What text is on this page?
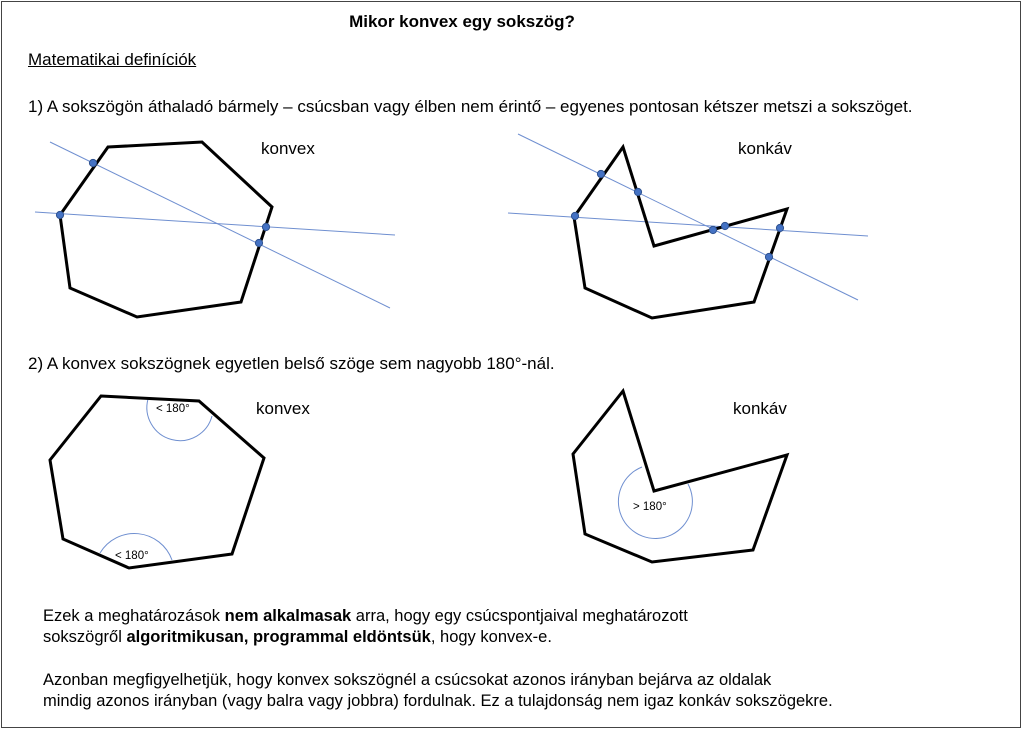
Mikor konvex egy sokszög?
Matematikai definíciók
1) A sokszögön áthaladó bármely – csúcsban vagy élben nem érintő – egyenes pontosan kétszer metszi a sokszöget.
2) A konvex sokszögnek egyetlen belső szöge sem nagyobb 180°-nál.
konvex	konkáv
konvex	konkáv
< 180°
< 180°
> 180°
Ezek a meghatározások nem alkalmasak arra, hogy egy csúcspontjaival meghatározott
sokszögről algoritmikusan, programmal eldöntsük, hogy konvex-e.
Azonban megfigyelhetjük, hogy konvex sokszögnél a csúcsokat azonos irányban bejárva az oldalak
mindig azonos irányban (vagy balra vagy jobbra) fordulnak. Ez a tulajdonság nem igaz konkáv sokszögekre.
